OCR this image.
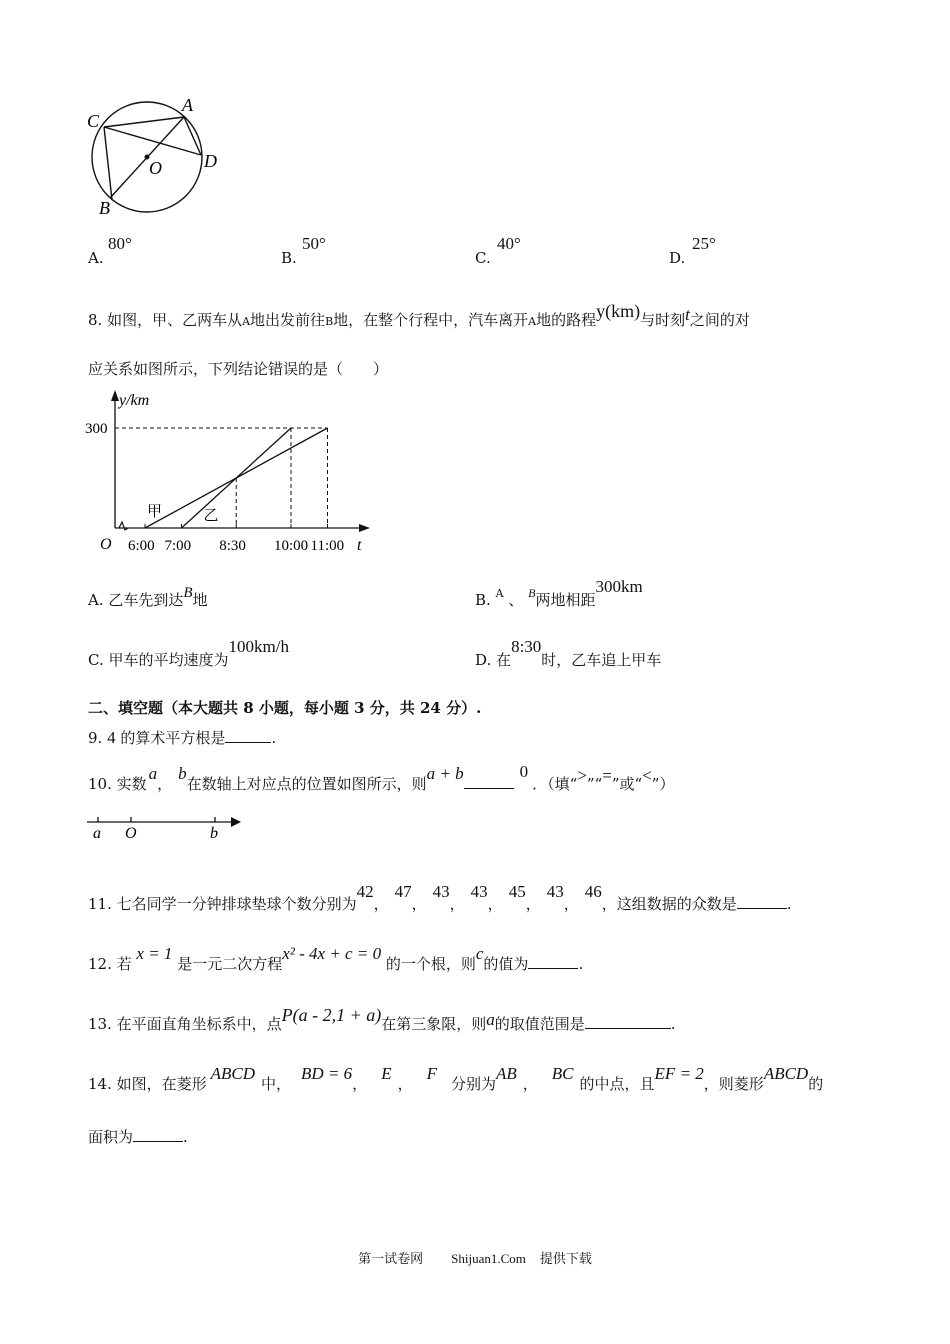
C
A
D
O
B
A.
80°
B.
50°
C.
40°
D.
25°
8. 如图，甲、乙两车从A地出发前往B地，在整个行程中，汽车离开A地的路程y(km)与时刻t之间的对
应关系如图所示，下列结论错误的是（　　）
y/km
t
O
300
6:00 7:00 8:30 10:00 11:00
甲	乙
A. 乙车先到达B地	B. $^A$ 、 $^B$两地相距300km
C. 甲车的平均速度为100km/h
D. 在8:30时，乙车追上甲车
二、填空题（本大题共 8 小题，每小题 3 分，共 24 分）.
9. 4 的算术平方根是	.
10. 实数a，b在数轴上对应点的位置如图所示，则a + b	0．（填“>”“=”或“<”）
a O	b
11. 七名同学一分钟排球垫球个数分别为42，47，43，43，45，43，46，这组数据的众数是	.
12. 若 x = 1 是一元二次方程x² - 4x + c = 0 的一个根，则c的值为	.
13. 在平面直角坐标系中，点P(a - 2,1 + a)在第三象限，则a的取值范围是	.
14. 如图，在菱形ABCD中，BD = 6，E，F分别为AB，BC的中点，且EF = 2，则菱形ABCD的
面积为	.
第一试卷网 Shijuan1.Com 提供下载
